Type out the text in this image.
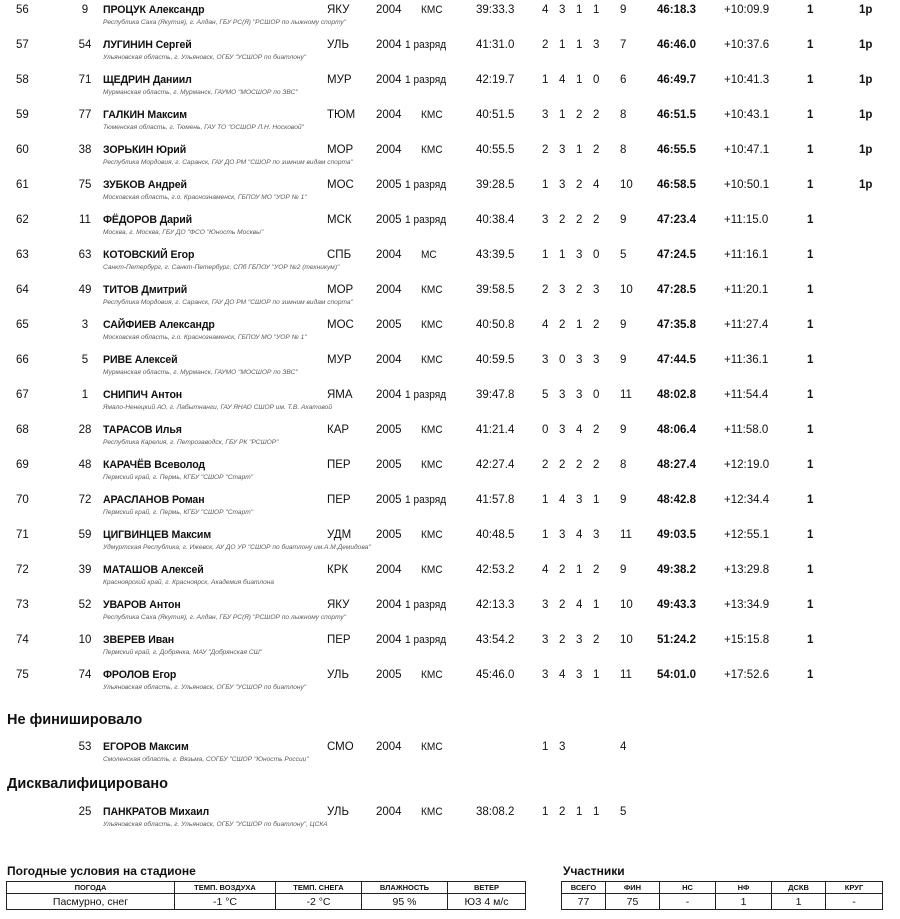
56	9	ПРОЦУК Александр
Республика Саха (Якутия), г. Алдан, ГБУ РС(Я) "РСШОР по лыжному спорту"
ЯКУ 2004 КМС	39:33.3 4 3 1 1 9	46:18.3 +10:09.9	1	1р
57	54	ЛУГИНИН Сергей
Ульяновская область, г. Ульяновск, ОГБУ "УСШОР по биатлону"
УЛЬ 2004 1 разряд	41:31.0 2 1 1 3 7	46:46.0 +10:37.6	1	1р
58	71	ЩЕДРИН Даниил
Мурманская область, г. Мурманск, ГАУМО "МОСШОР по ЗВС"
МУР 2004 1 разряд	42:19.7 1 4 1 0 6	46:49.7 +10:41.3	1	1р
59	77	ГАЛКИН Максим
Тюменская область, г. Тюмень, ГАУ ТО "ОСШОР Л.Н. Носковой"
ТЮМ 2004 КМС	40:51.5 3 1 2 2 8	46:51.5 +10:43.1	1	1р
60	38	ЗОРЬКИН Юрий
Республика Мордовия, г. Саранск, ГАУ ДО РМ "СШОР по зимним видам спорта"
МОР 2004 КМС	40:55.5 2 3 1 2 8	46:55.5 +10:47.1	1	1р
61	75	ЗУБКОВ Андрей
Московская область, г.о. Краснознаменск, ГБПОУ МО "УОР № 1"
МОС 2005 1 разряд	39:28.5 1 3 2 4 10 46:58.5 +10:50.1	1	1р
62	11	ФЁДОРОВ Дарий
Москва, г. Москва, ГБУ ДО "ФСО "Юность Москвы"
МСК 2005 1 разряд	40:38.4 3 2 2 2 9	47:23.4 +11:15.0	1
63	63	КОТОВСКИЙ Егор
Санкт-Петербург, г. Санкт-Петербург, СПб ГБПОУ "УОР №2 (техникум)"
СПБ 2004 МС	43:39.5 1 1 3 0 5	47:24.5 +11:16.1	1
64	49	ТИТОВ Дмитрий
Республика Мордовия, г. Саранск, ГАУ ДО РМ "СШОР по зимним видам спорта"
МОР 2004 КМС	39:58.5 2 3 2 3 10 47:28.5 +11:20.1	1
65	3	САЙФИЕВ Александр
Московская область, г.о. Краснознаменск, ГБПОУ МО "УОР № 1"
МОС 2005 КМС	40:50.8 4 2 1 2 9	47:35.8 +11:27.4	1
66	5	РИВЕ Алексей
Мурманская область, г. Мурманск, ГАУМО "МОСШОР по ЗВС"
МУР 2004 КМС	40:59.5 3 0 3 3 9	47:44.5 +11:36.1	1
67	1	СНИПИЧ Антон
Ямало-Ненецкий АО, г. Лабытнанги, ГАУ ЯНАО СШОР им. Т.В. Ахатовой
ЯМА 2004 1 разряд	39:47.8 5 3 3 0 11 48:02.8 +11:54.4	1
68	28	ТАРАСОВ Илья
Республика Карелия, г. Петрозаводск, ГБУ РК "РСШОР"
КАР 2005 КМС	41:21.4 0 3 4 2 9	48:06.4 +11:58.0	1
69	48	КАРАЧЁВ Всеволод
Пермский край, г. Пермь, КГБУ "СШОР "Старт"
ПЕР 2005 КМС	42:27.4 2 2 2 2 8	48:27.4 +12:19.0	1
70	72	АРАСЛАНОВ Роман
Пермский край, г. Пермь, КГБУ "СШОР "Старт"
ПЕР 2005 1 разряд	41:57.8 1 4 3 1 9	48:42.8 +12:34.4	1
71	59	ЦИГВИНЦЕВ Максим
Удмуртская Республика, г. Ижевск, АУ ДО УР "СШОР по биатлону им.А.М.Демидова"
УДМ 2005 КМС	40:48.5 1 3 4 3 11 49:03.5 +12:55.1	1
72	39	МАТАШОВ Алексей
Красноярский край, г. Красноярск, Академия биатлона
КРК 2004 КМС	42:53.2 4 2 1 2 9	49:38.2 +13:29.8	1
73	52	УВАРОВ Антон
Республика Саха (Якутия), г. Алдан, ГБУ РС(Я) "РСШОР по лыжному спорту"
ЯКУ 2004 1 разряд	42:13.3 3 2 4 1 10 49:43.3 +13:34.9	1
74	10	ЗВЕРЕВ Иван
Пермский край, г. Добрянка, МАУ "Добрянская СШ"
ПЕР 2004 1 разряд	43:54.2 3 2 3 2 10 51:24.2 +15:15.8	1
75	74	ФРОЛОВ Егор
Ульяновская область, г. Ульяновск, ОГБУ "УСШОР по биатлону"
УЛЬ 2005 КМС	45:46.0 3 4 3 1 11 54:01.0 +17:52.6	1
Не финишировало
53	ЕГОРОВ Максим
Смоленская область, г. Вязьма, СОГБУ "СШОР "Юность России"
СМО 2004 КМС	1 3	4
Дисквалифицировано
25	ПАНКРАТОВ Михаил
Ульяновская область, г. Ульяновск, ОГБУ "УСШОР по биатлону", ЦСКА
УЛЬ 2004 КМС	38:08.2 1 2 1 1 5
Погодные условия на стадионе
ПОГОДА	ТЕМП. ВОЗДУХА	ТЕМП. СНЕГА	ВЛАЖНОСТЬ	ВЕТЕР
Пасмурно, снег	-1 °C	-2 °C	95 %	ЮЗ 4 м/с
Участники
ВСЕГО	ФИН	НС	НФ	ДСКВ	КРУГ
77	75	-	1	1	-
